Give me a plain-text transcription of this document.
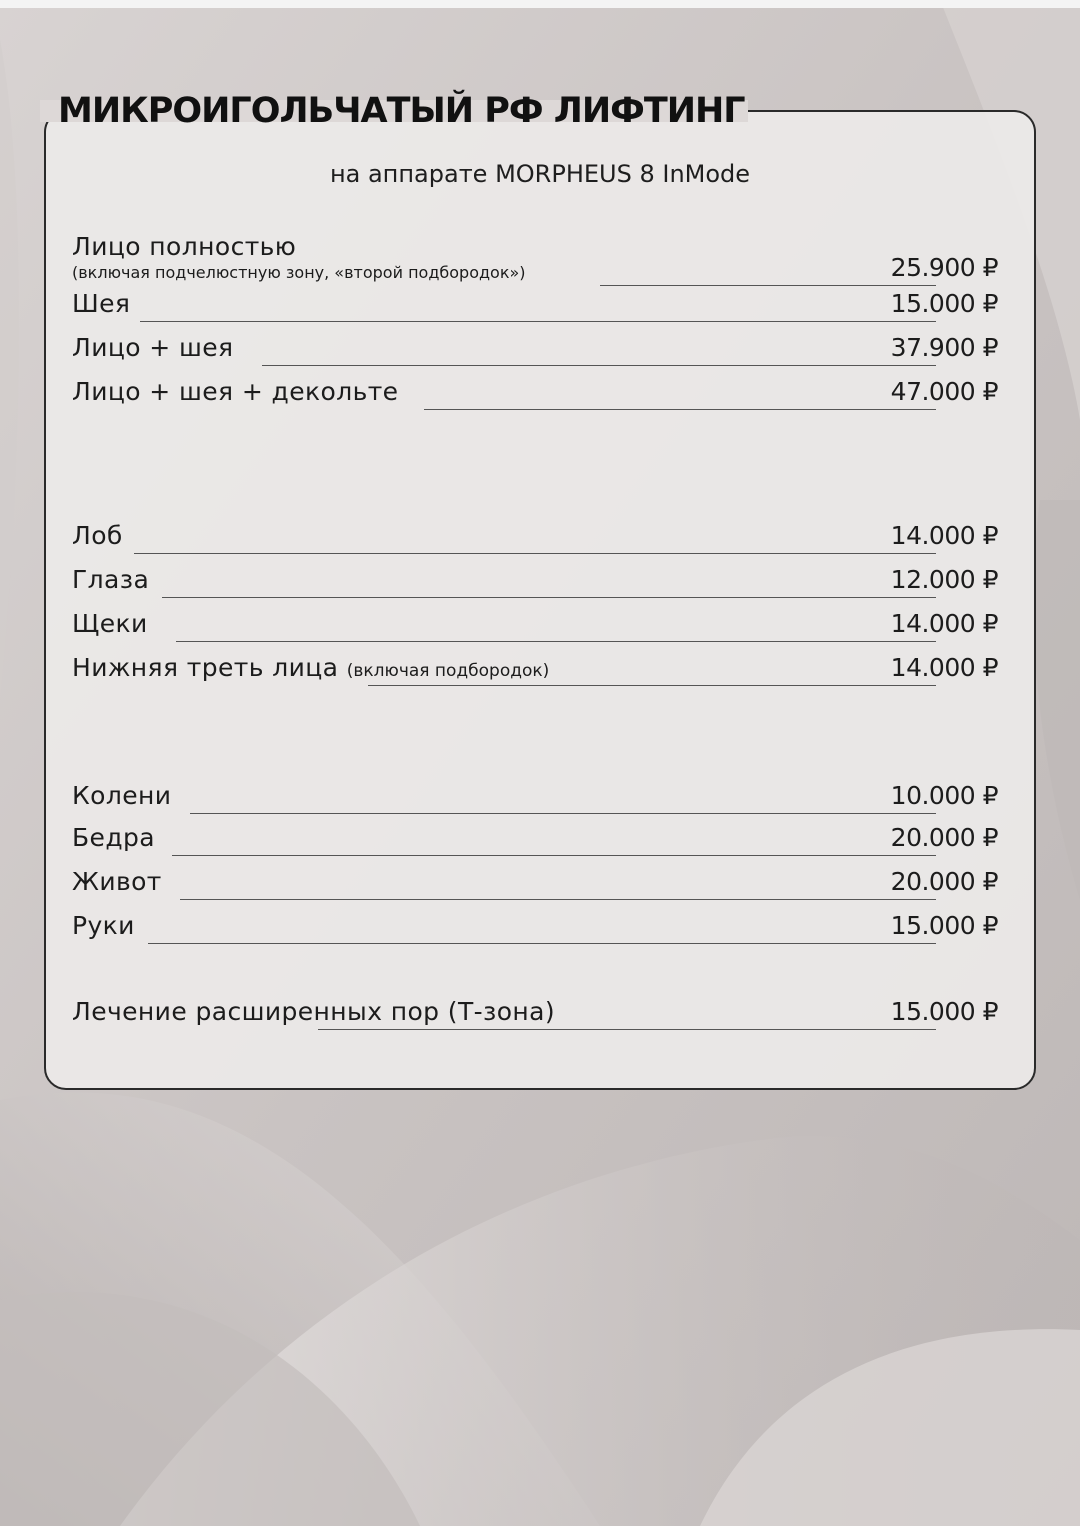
МИКРОИГОЛЬЧАТЫЙ РФ ЛИФТИНГ
на аппарате MORPHEUS 8 InMode
Лицо полностью
(включая подчелюстную зону, «второй подбородок»)	25.900 ₽
Шея	15.000 ₽
Лицо + шея	37.900 ₽
Лицо + шея + декольте	47.000 ₽
Лоб	14.000 ₽
Глаза	12.000 ₽
Щеки	14.000 ₽
Нижняя треть лица (включая подбородок)	14.000 ₽
Колени	10.000 ₽
Бедра	20.000 ₽
Живот	20.000 ₽
Руки	15.000 ₽
Лечение расширенных пор (Т-зона)	15.000 ₽
